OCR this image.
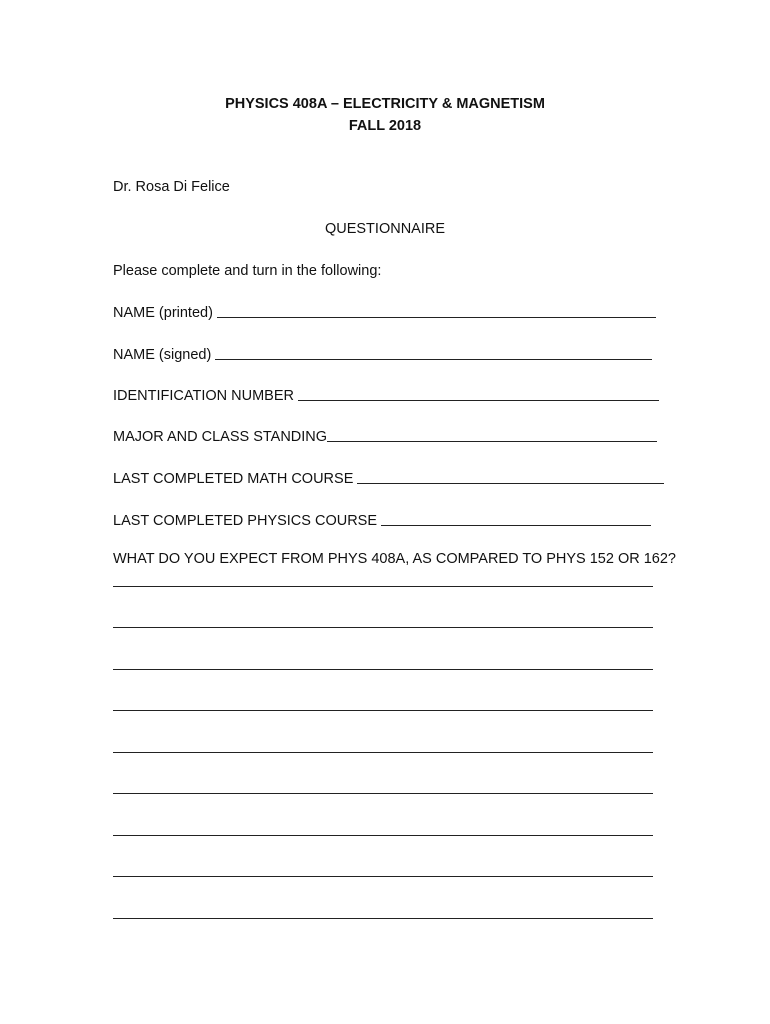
PHYSICS 408A – ELECTRICITY & MAGNETISM
FALL 2018
Dr. Rosa Di Felice
QUESTIONNAIRE
Please complete and turn in the following:
NAME (printed)
NAME (signed)
IDENTIFICATION NUMBER
MAJOR AND CLASS STANDING
LAST COMPLETED MATH COURSE
LAST COMPLETED PHYSICS COURSE
WHAT DO YOU EXPECT FROM PHYS 408A, AS COMPARED TO PHYS 152 OR 162?
